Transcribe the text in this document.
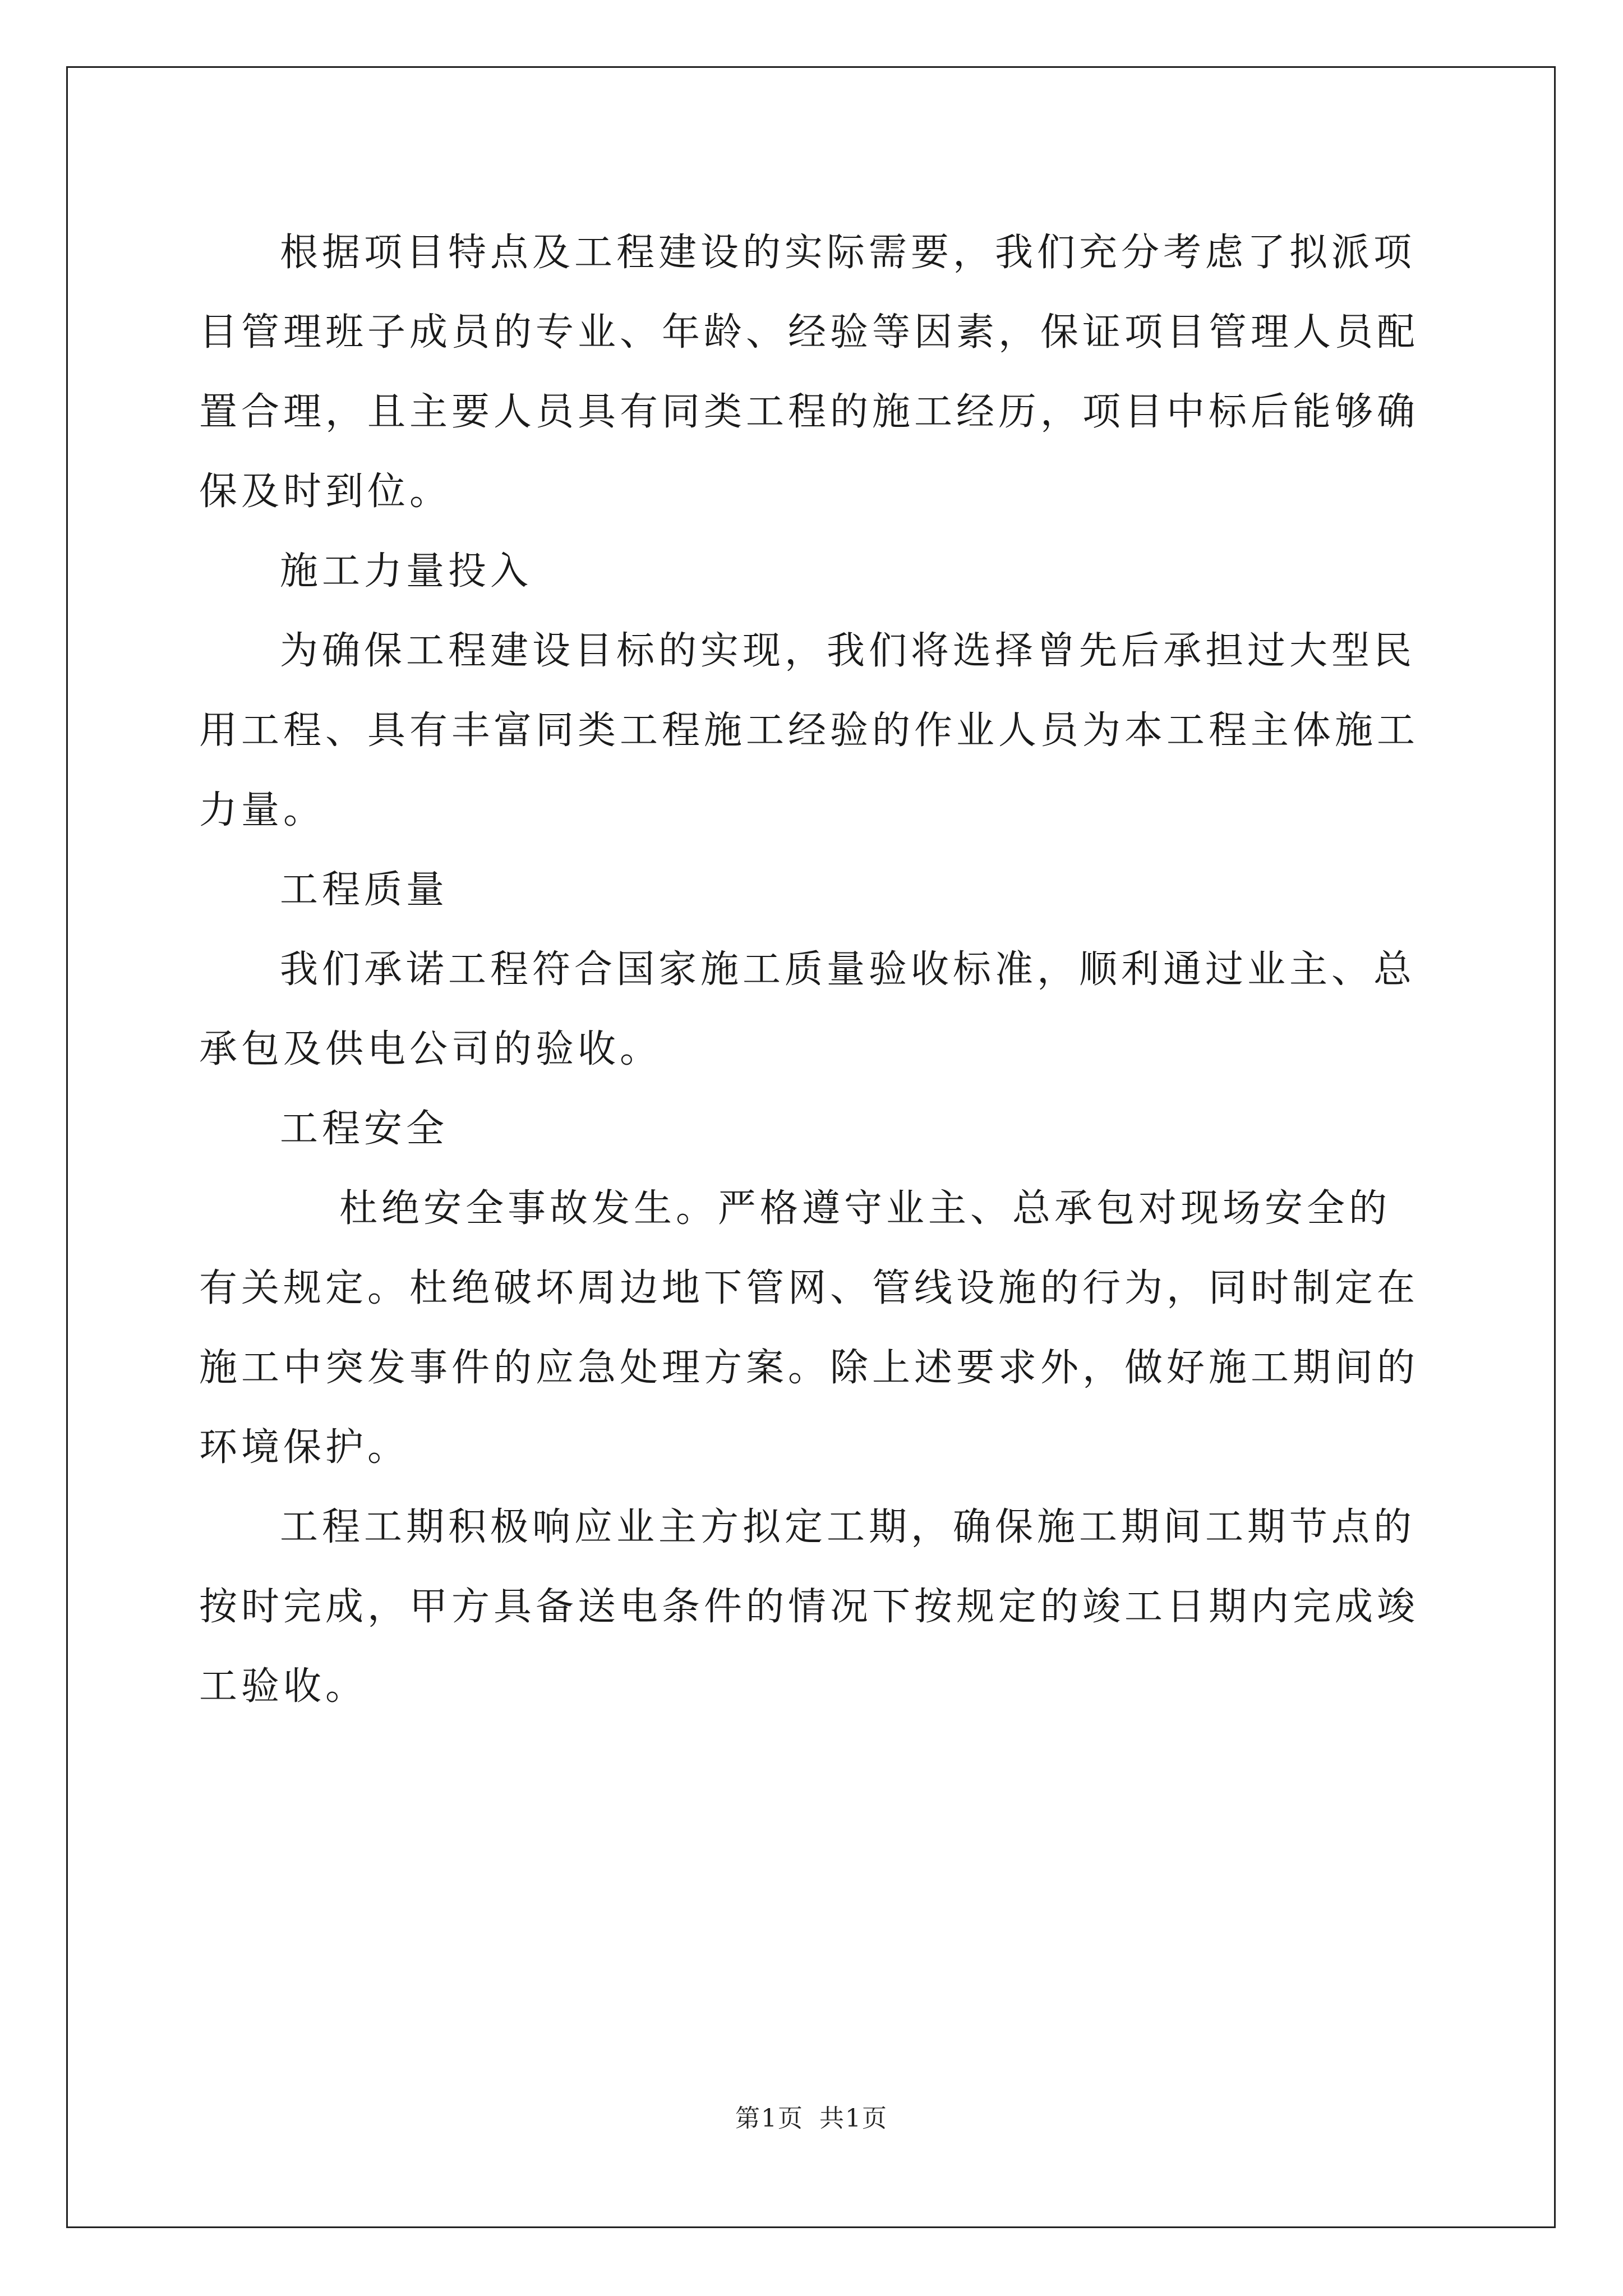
根据项目特点及工程建设的实际需要，我们充分考虑了拟派项目管理班子成员的专业、年龄、经验等因素，保证项目管理人员配置合理，且主要人员具有同类工程的施工经历，项目中标后能够确保及时到位。

施工力量投入

为确保工程建设目标的实现，我们将选择曾先后承担过大型民用工程、具有丰富同类工程施工经验的作业人员为本工程主体施工力量。

工程质量

我们承诺工程符合国家施工质量验收标准，顺利通过业主、总承包及供电公司的验收。

工程安全

杜绝安全事故发生。严格遵守业主、总承包对现场安全的有关规定。杜绝破坏周边地下管网、管线设施的行为，同时制定在施工中突发事件的应急处理方案。除上述要求外，做好施工期间的环境保护。

工程工期积极响应业主方拟定工期，确保施工期间工期节点的按时完成，甲方具备送电条件的情况下按规定的竣工日期内完成竣工验收。

第1页 共1页
